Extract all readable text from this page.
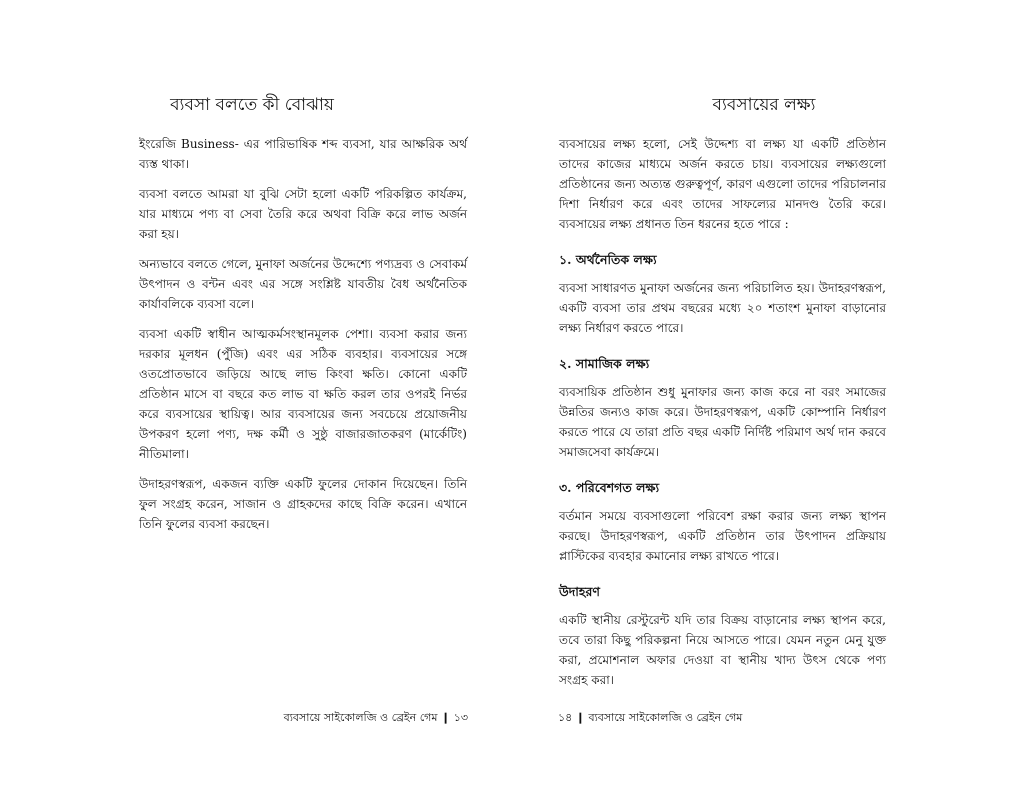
ব্যবসা বলতে কী বোঝায়

ইংরেজি Business- এর পারিভাষিক শব্দ ব্যবসা, যার আক্ষরিক অর্থ ব্যস্ত থাকা।

ব্যবসা বলতে আমরা যা বুঝি সেটা হলো একটি পরিকল্পিত কার্যক্রম, যার মাধ্যমে পণ্য বা সেবা তৈরি করে অথবা বিক্রি করে লাভ অর্জন করা হয়।

অন্যভাবে বলতে গেলে, মুনাফা অর্জনের উদ্দেশ্যে পণ্যদ্রব্য ও সেবাকর্ম উৎপাদন ও বন্টন এবং এর সঙ্গে সংশ্লিষ্ট যাবতীয় বৈধ অর্থনৈতিক কার্যাবলিকে ব্যবসা বলে।

ব্যবসা একটি স্বাধীন আত্মকর্মসংস্থানমূলক পেশা। ব্যবসা করার জন্য দরকার মূলধন (পুঁজি) এবং এর সঠিক ব্যবহার। ব্যবসায়ের সঙ্গে ওতপ্রোতভাবে জড়িয়ে আছে লাভ কিংবা ক্ষতি। কোনো একটি প্রতিষ্ঠান মাসে বা বছরে কত লাভ বা ক্ষতি করল তার ওপরই নির্ভর করে ব্যবসায়ের স্থায়িত্ব। আর ব্যবসায়ের জন্য সবচেয়ে প্রয়োজনীয় উপকরণ হলো পণ্য, দক্ষ কর্মী ও সুষ্ঠু বাজারজাতকরণ (মার্কেটিং) নীতিমালা।

উদাহরণস্বরূপ, একজন ব্যক্তি একটি ফুলের দোকান দিয়েছেন। তিনি ফুল সংগ্রহ করেন, সাজান ও গ্রাহকদের কাছে বিক্রি করেন। এখানে তিনি ফুলের ব্যবসা করছেন।

ব্যবসায়ে সাইকোলজি ও ব্রেইন গেম ❙ ১৩
ব্যবসায়ের লক্ষ্য

ব্যবসায়ের লক্ষ্য হলো, সেই উদ্দেশ্য বা লক্ষ্য যা একটি প্রতিষ্ঠান তাদের কাজের মাধ্যমে অর্জন করতে চায়। ব্যবসায়ের লক্ষ্যগুলো প্রতিষ্ঠানের জন্য অত্যন্ত গুরুত্বপূর্ণ, কারণ এগুলো তাদের পরিচালনার দিশা নির্ধারণ করে এবং তাদের সাফল্যের মানদণ্ড তৈরি করে। ব্যবসায়ের লক্ষ্য প্রধানত তিন ধরনের হতে পারে :

১. অর্থনৈতিক লক্ষ্য

ব্যবসা সাধারণত মুনাফা অর্জনের জন্য পরিচালিত হয়। উদাহরণস্বরূপ, একটি ব্যবসা তার প্রথম বছরের মধ্যে ২০ শতাংশ মুনাফা বাড়ানোর লক্ষ্য নির্ধারণ করতে পারে।

২. সামাজিক লক্ষ্য

ব্যবসায়িক প্রতিষ্ঠান শুধু মুনাফার জন্য কাজ করে না বরং সমাজের উন্নতির জন্যও কাজ করে। উদাহরণস্বরূপ, একটি কোম্পানি নির্ধারণ করতে পারে যে তারা প্রতি বছর একটি নির্দিষ্ট পরিমাণ অর্থ দান করবে সমাজসেবা কার্যক্রমে।

৩. পরিবেশগত লক্ষ্য

বর্তমান সময়ে ব্যবসাগুলো পরিবেশ রক্ষা করার জন্য লক্ষ্য স্থাপন করছে। উদাহরণস্বরূপ, একটি প্রতিষ্ঠান তার উৎপাদন প্রক্রিয়ায় প্লাস্টিকের ব্যবহার কমানোর লক্ষ্য রাখতে পারে।

উদাহরণ

একটি স্থানীয় রেস্টুরেন্ট যদি তার বিক্রয় বাড়ানোর লক্ষ্য স্থাপন করে, তবে তারা কিছু পরিকল্পনা নিয়ে আসতে পারে। যেমন নতুন মেনু যুক্ত করা, প্রমোশনাল অফার দেওয়া বা স্থানীয় খাদ্য উৎস থেকে পণ্য সংগ্রহ করা।

১৪ ❙ ব্যবসায়ে সাইকোলজি ও ব্রেইন গেম
